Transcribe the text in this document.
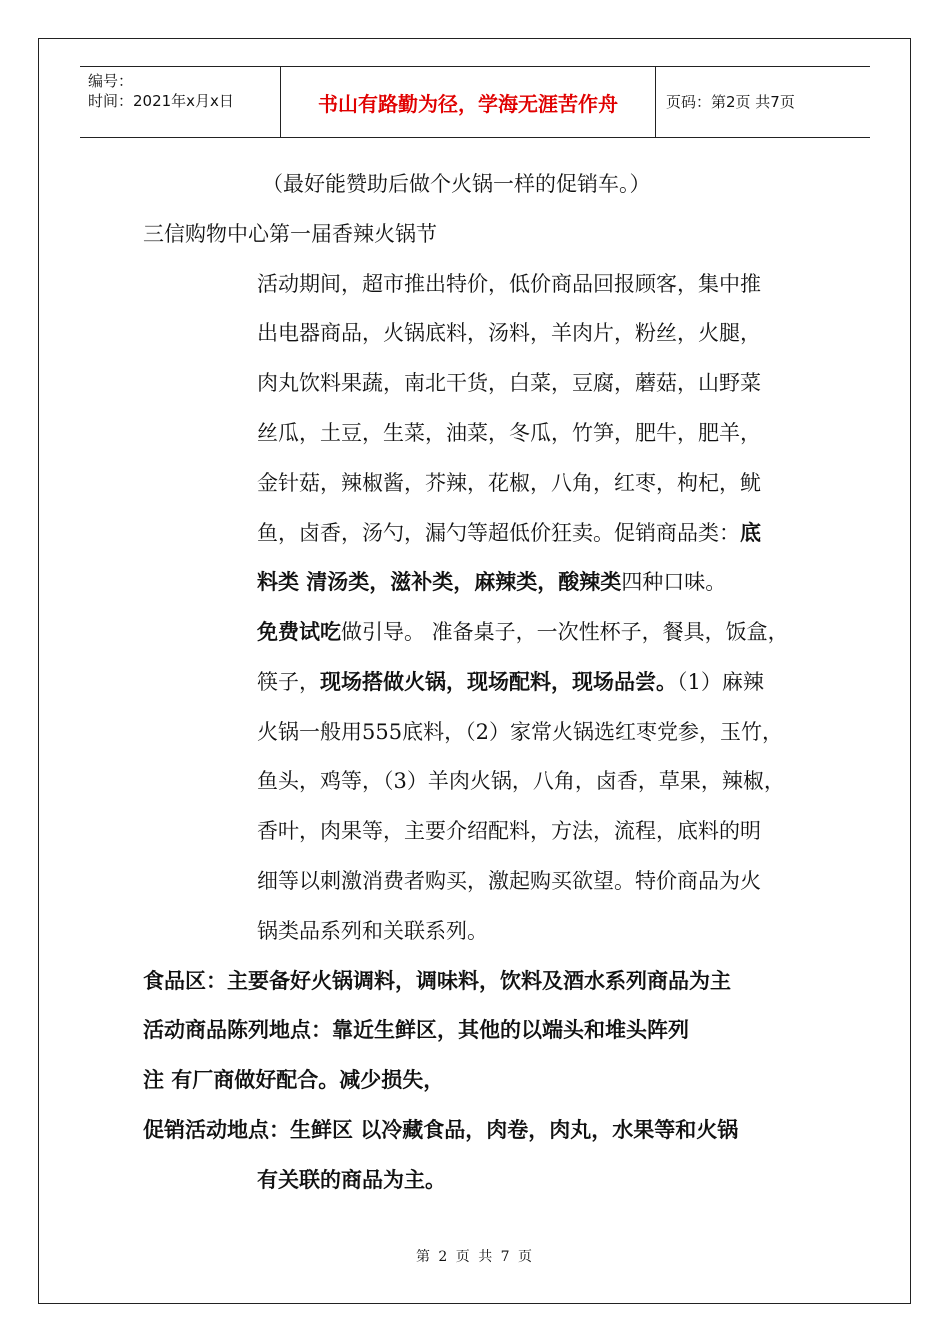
编号：
时间：2021年x月x日	书山有路勤为径，学海无涯苦作舟	页码：第2页 共7页
（最好能赞助后做个火锅一样的促销车。）
三信购物中心第一届香辣火锅节
活动期间，超市推出特价，低价商品回报顾客，集中推
出电器商品，火锅底料，汤料，羊肉片，粉丝，火腿，
肉丸饮料果蔬，南北干货，白菜，豆腐，蘑菇，山野菜
丝瓜，土豆，生菜，油菜，冬瓜，竹笋，肥牛，肥羊，
金针菇，辣椒酱，芥辣，花椒，八角，红枣，枸杞，鱿
鱼，卤香，汤勺，漏勺等超低价狂卖。促销商品类：底
料类 清汤类，滋补类，麻辣类，酸辣类四种口味。
免费试吃做引导。 准备桌子，一次性杯子，餐具，饭盒，
筷子，现场搭做火锅，现场配料，现场品尝。（1）麻辣
火锅一般用555底料，（2）家常火锅选红枣党参，玉竹，
鱼头，鸡等，（3）羊肉火锅，八角，卤香，草果，辣椒，
香叶，肉果等，主要介绍配料，方法，流程，底料的明
细等以刺激消费者购买，激起购买欲望。特价商品为火
锅类品系列和关联系列。
食品区：主要备好火锅调料，调味料，饮料及酒水系列商品为主
活动商品陈列地点：靠近生鲜区，其他的以端头和堆头阵列
注 有厂商做好配合。减少损失，
促销活动地点：生鲜区 以冷藏食品，肉卷，肉丸，水果等和火锅
有关联的商品为主。
第 2 页 共 7 页
